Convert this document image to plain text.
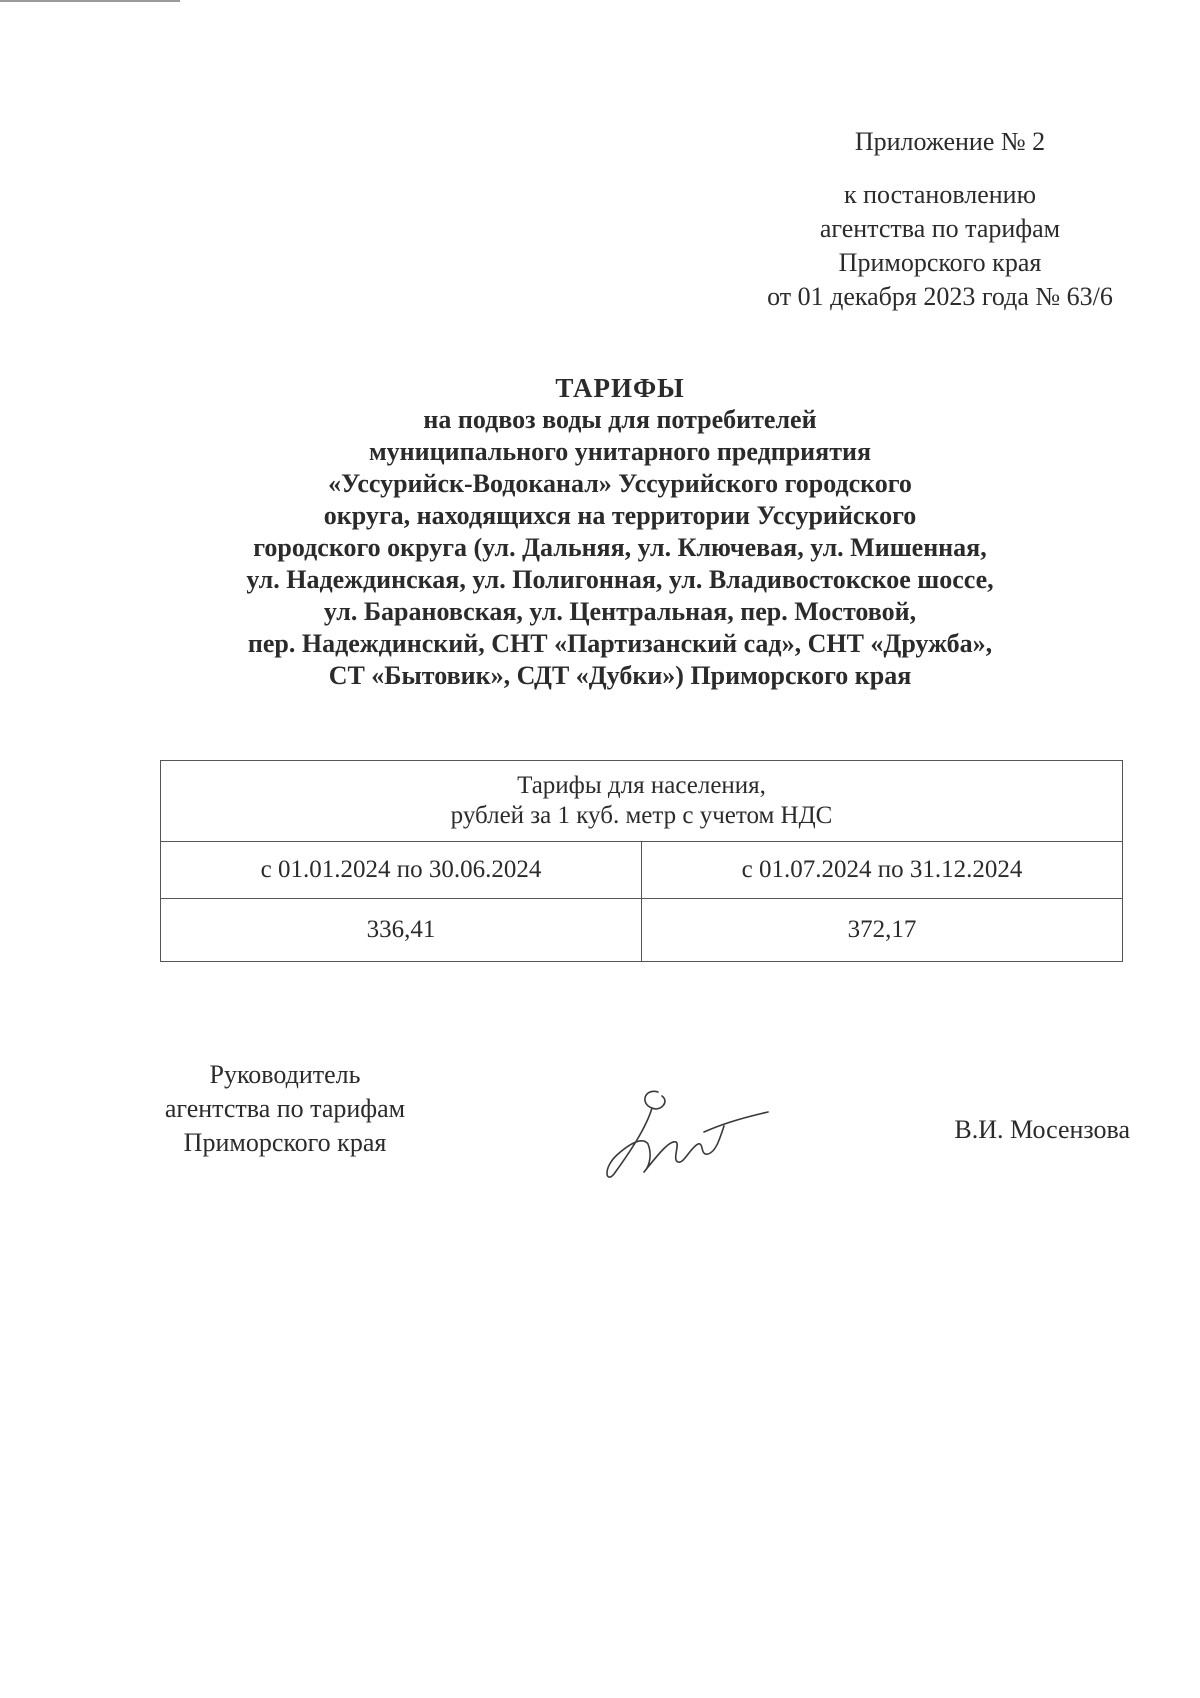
Приложение № 2
к постановлению
агентства по тарифам
Приморского края
от 01 декабря 2023 года № 63/6
ТАРИФЫ
на подвоз воды для потребителей
муниципального унитарного предприятия
«Уссурийск-Водоканал» Уссурийского городского
округа, находящихся на территории Уссурийского
городского округа (ул. Дальняя, ул. Ключевая, ул. Мишенная,
ул. Надеждинская, ул. Полигонная, ул. Владивостокское шоссе,
ул. Барановская, ул. Центральная, пер. Мостовой,
пер. Надеждинский, СНТ «Партизанский сад», СНТ «Дружба»,
СТ «Бытовик», СДТ «Дубки») Приморского края
Тарифы для населения,
рублей за 1 куб. метр с учетом НДС	

с 01.01.2024 по 30.06.2024	с 01.07.2024 по 31.12.2024
336,41	372,17
Руководитель
агентства по тарифам
Приморского края	В.И. Мосензова
